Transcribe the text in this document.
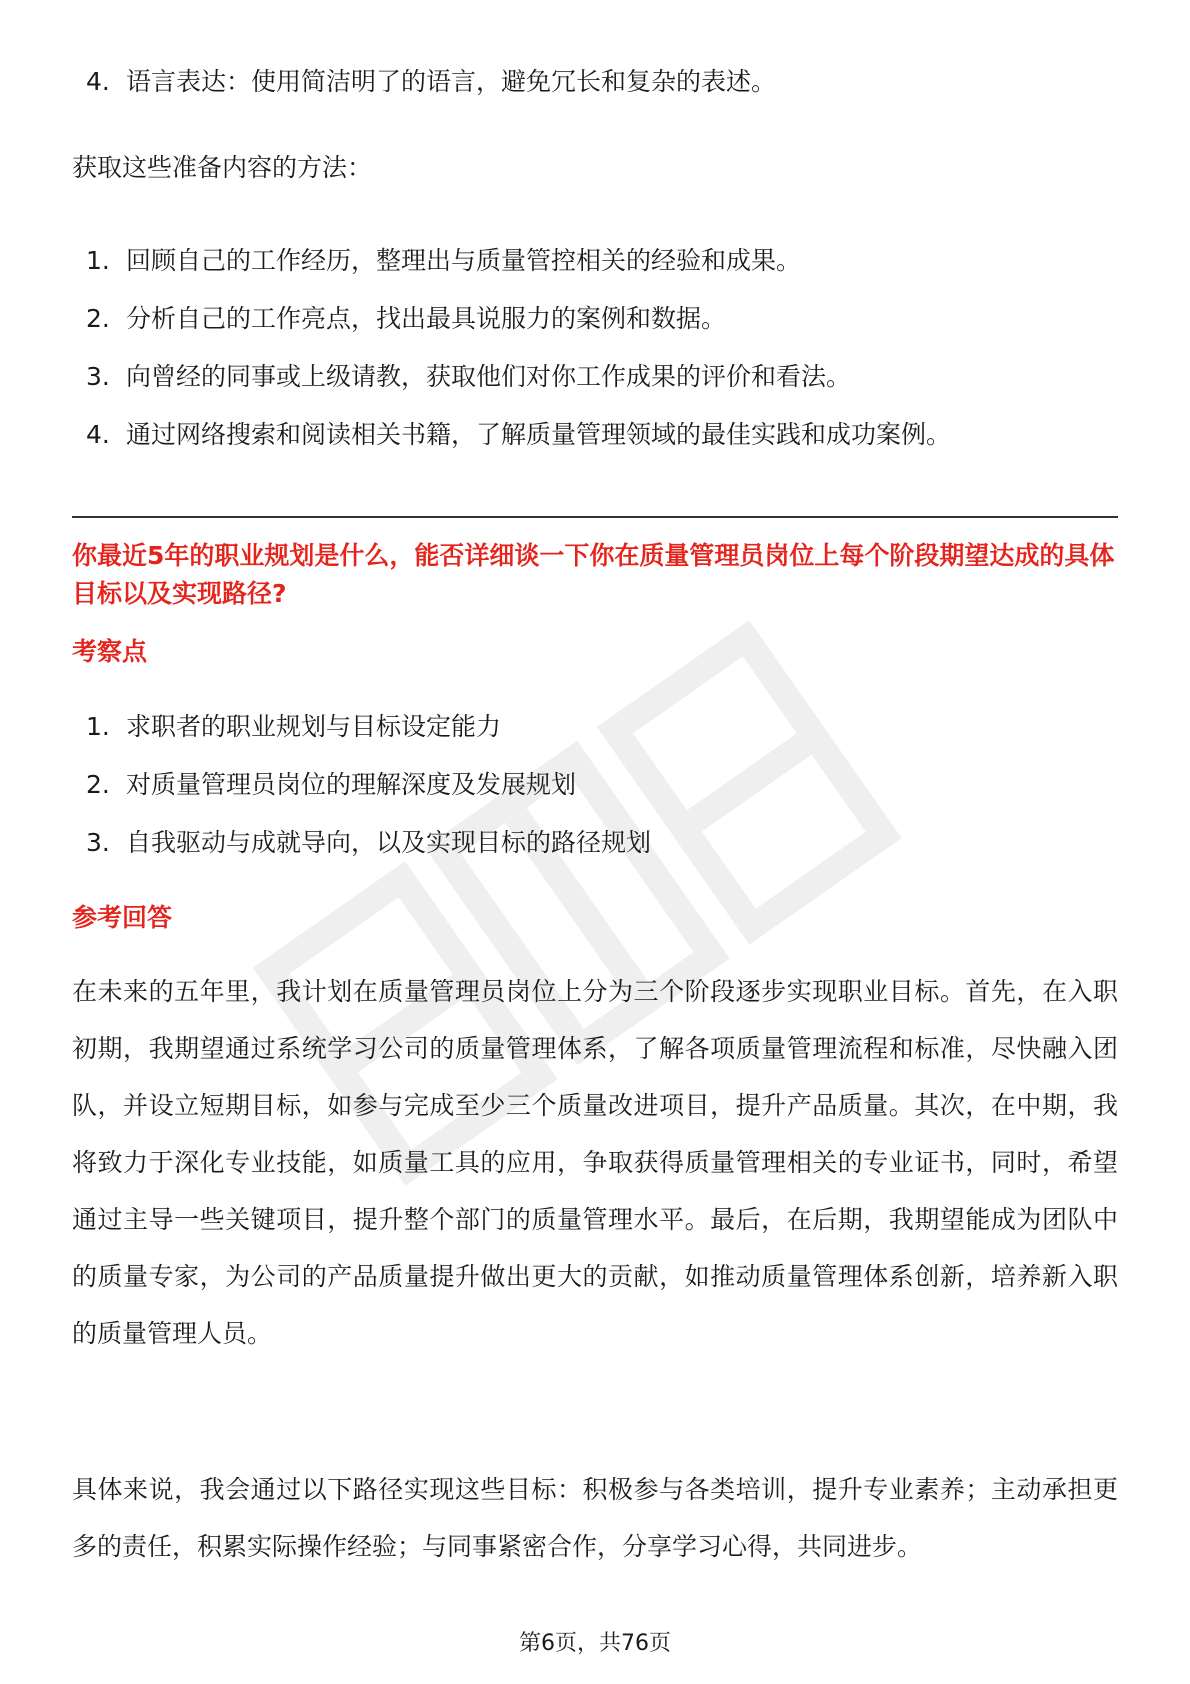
4. 语言表达：使用简洁明了的语言，避免冗长和复杂的表述。

获取这些准备内容的方法：

1. 回顾自己的工作经历，整理出与质量管控相关的经验和成果。
2. 分析自己的工作亮点，找出最具说服力的案例和数据。
3. 向曾经的同事或上级请教，获取他们对你工作成果的评价和看法。
4. 通过网络搜索和阅读相关书籍，了解质量管理领域的最佳实践和成功案例。

你最近5年的职业规划是什么，能否详细谈一下你在质量管理员岗位上每个阶段期望达成的具体目标以及实现路径?

考察点

1. 求职者的职业规划与目标设定能力
2. 对质量管理员岗位的理解深度及发展规划
3. 自我驱动与成就导向，以及实现目标的路径规划

参考回答

在未来的五年里，我计划在质量管理员岗位上分为三个阶段逐步实现职业目标。首先，在入职初期，我期望通过系统学习公司的质量管理体系，了解各项质量管理流程和标准，尽快融入团队，并设立短期目标，如参与完成至少三个质量改进项目，提升产品质量。其次，在中期，我将致力于深化专业技能，如质量工具的应用，争取获得质量管理相关的专业证书，同时，希望通过主导一些关键项目，提升整个部门的质量管理水平。最后，在后期，我期望能成为团队中的质量专家，为公司的产品质量提升做出更大的贡献，如推动质量管理体系创新，培养新入职的质量管理人员。

具体来说，我会通过以下路径实现这些目标：积极参与各类培训，提升专业素养；主动承担更多的责任，积累实际操作经验；与同事紧密合作，分享学习心得，共同进步。

第6页，共76页
